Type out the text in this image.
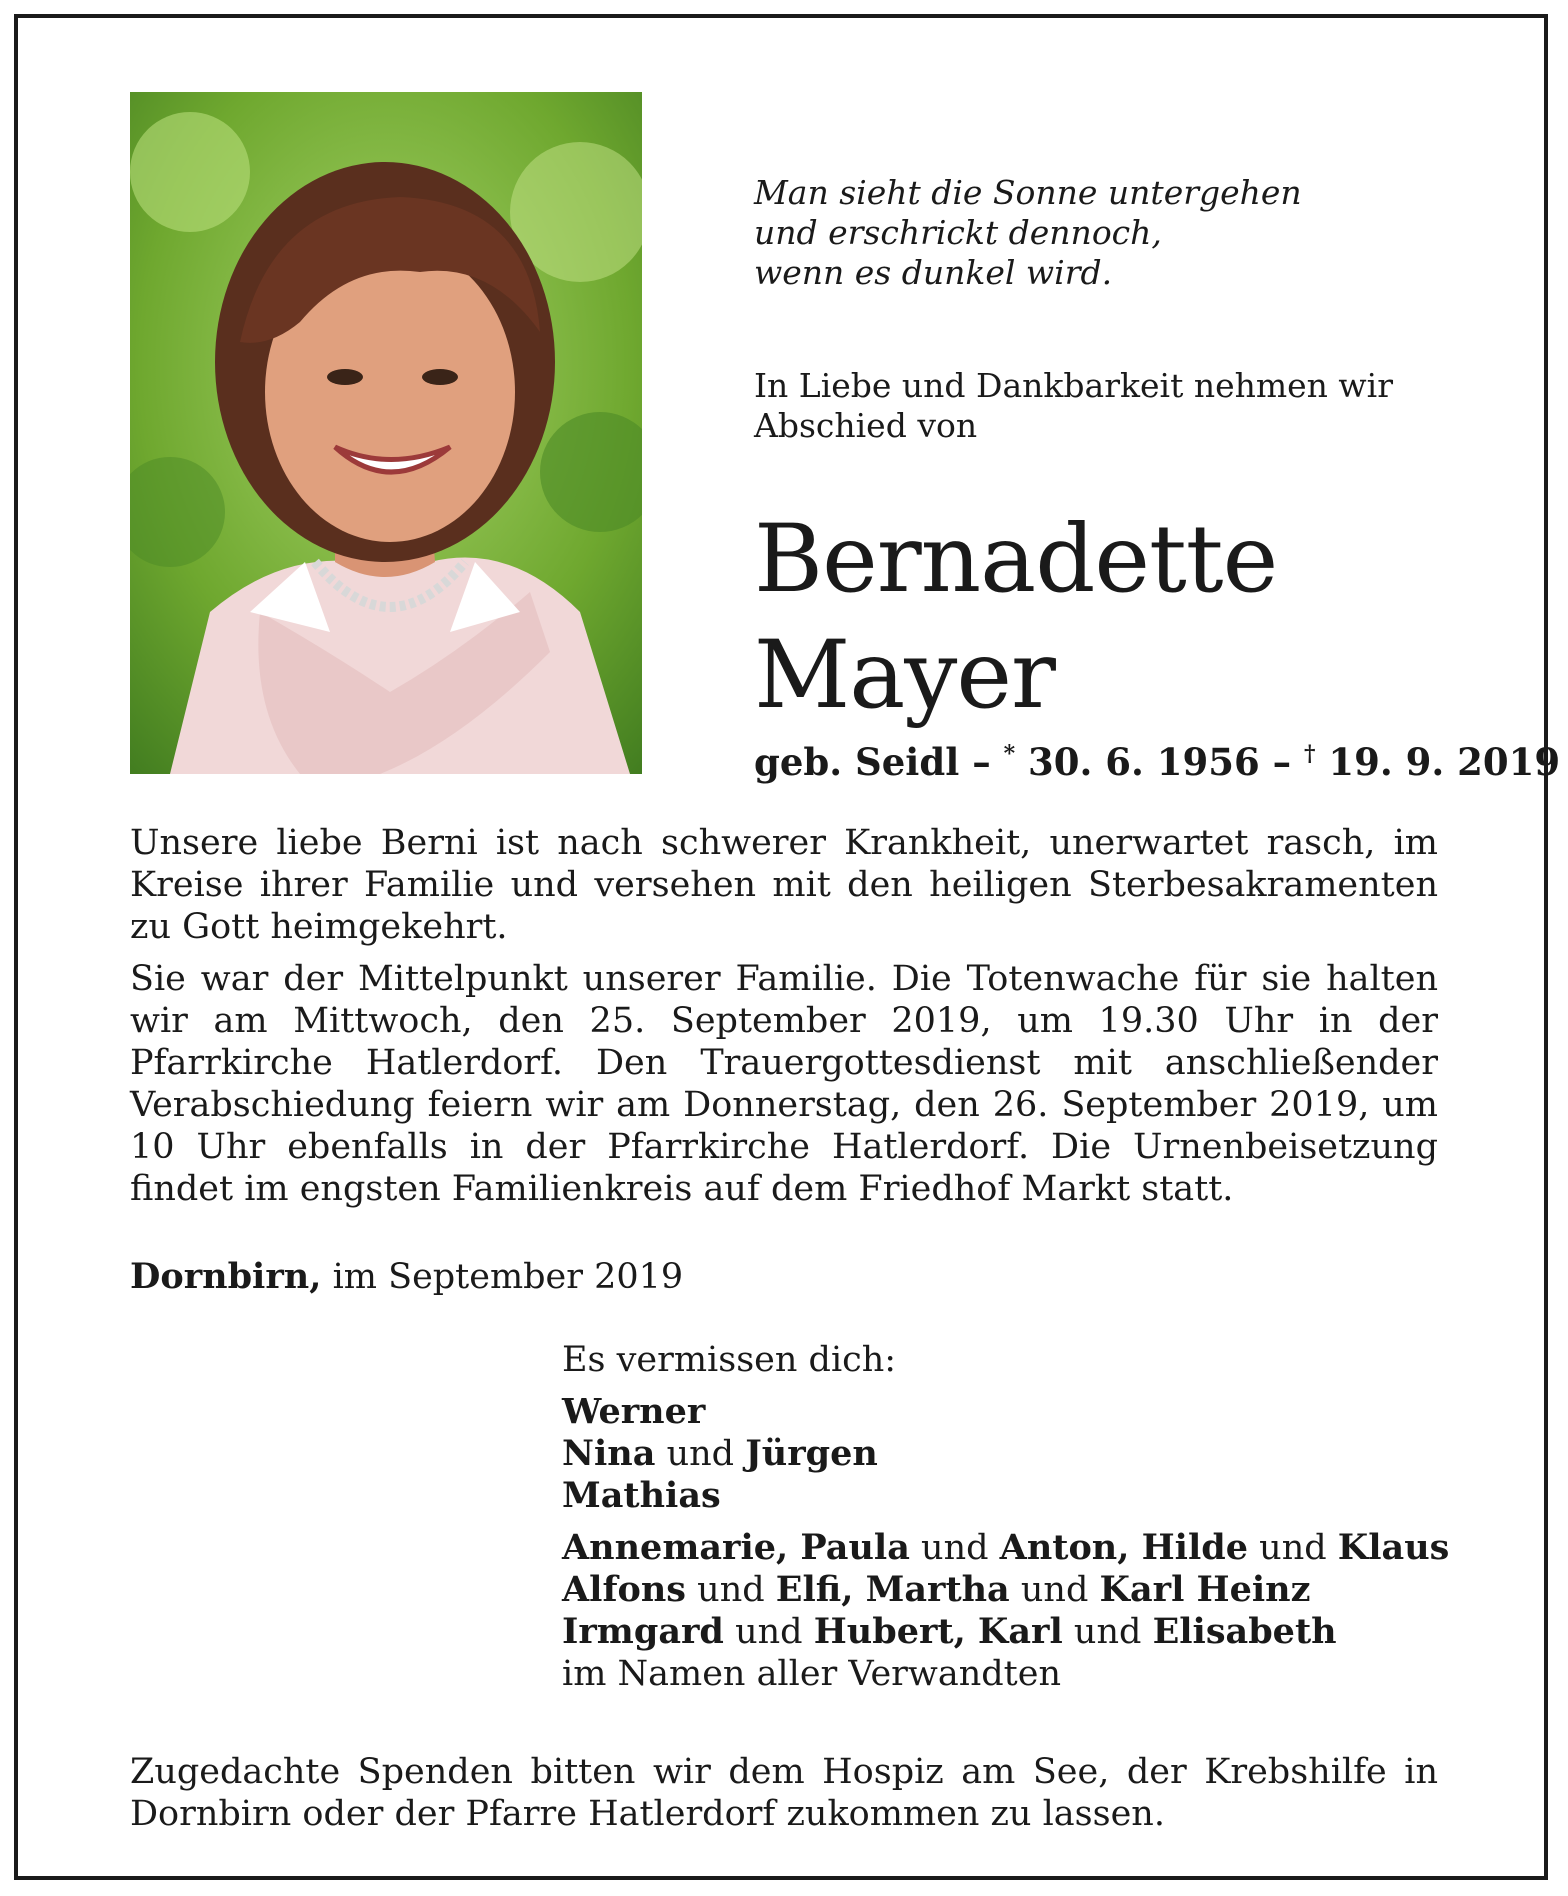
Man sieht die Sonne untergehen
und erschrickt dennoch,
wenn es dunkel wird.
In Liebe und Dankbarkeit nehmen wir
Abschied von
Bernadette
Mayer
geb. Seidl – * 30. 6. 1956 – † 19. 9. 2019
Unsere liebe Berni ist nach schwerer Krankheit, unerwartet rasch, im Kreise ihrer Familie und versehen mit den heiligen Sterbesakramenten zu Gott heimgekehrt.
Sie war der Mittelpunkt unserer Familie. Die Totenwache für sie halten wir am Mittwoch, den 25. September 2019, um 19.30 Uhr in der Pfarrkirche Hatlerdorf. Den Trauergottesdienst mit anschließender Verabschiedung feiern wir am Donnerstag, den 26. September 2019, um 10 Uhr ebenfalls in der Pfarrkirche Hatlerdorf. Die Urnenbeisetzung findet im engsten Familienkreis auf dem Friedhof Markt statt.
Dornbirn, im September 2019
Es vermissen dich:
Werner
Nina und Jürgen
Mathias
Annemarie, Paula und Anton, Hilde und Klaus
Alfons und Elfi, Martha und Karl Heinz
Irmgard und Hubert, Karl und Elisabeth
im Namen aller Verwandten
Zugedachte Spenden bitten wir dem Hospiz am See, der Krebshilfe in Dornbirn oder der Pfarre Hatlerdorf zukommen zu lassen.
